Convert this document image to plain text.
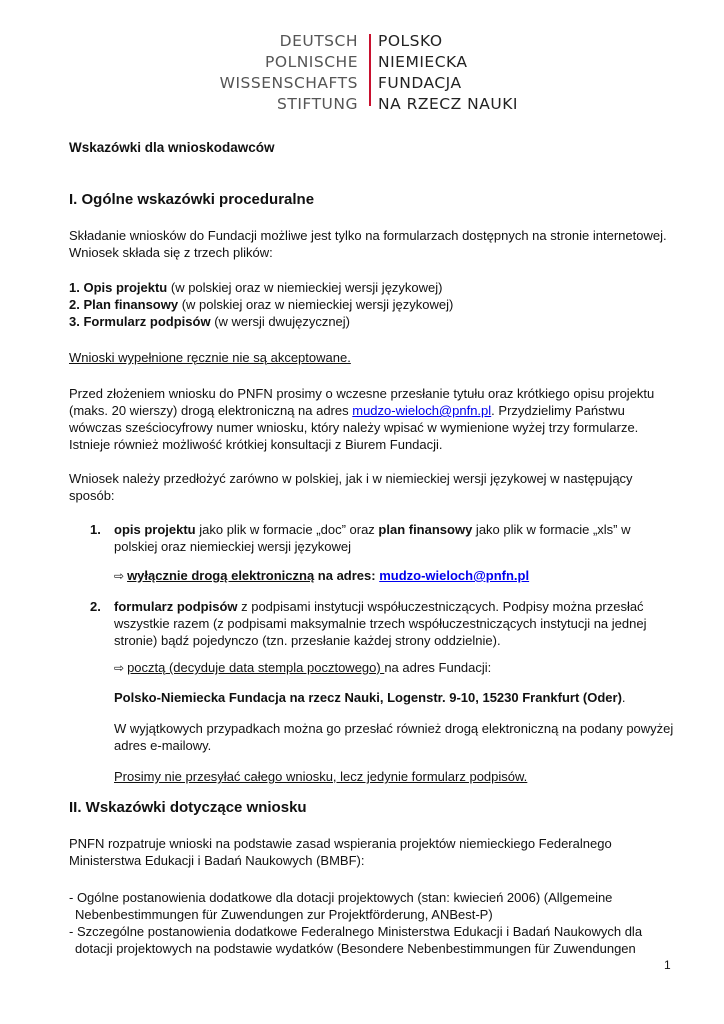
DEUTSCH
POLNISCHE
WISSENSCHAFTS
STIFTUNG
POLSKO
NIEMIECKA
FUNDACJA
NA RZECZ NAUKI
Wskazówki dla wnioskodawców
I. Ogólne wskazówki proceduralne
Składanie wniosków do Fundacji możliwe jest tylko na formularzach dostępnych na stronie internetowej. Wniosek składa się z trzech plików:
1. Opis projektu (w polskiej oraz w niemieckiej wersji językowej)
2. Plan finansowy (w polskiej oraz w niemieckiej wersji językowej)
3. Formularz podpisów (w wersji dwujęzycznej)
Wnioski wypełnione ręcznie nie są akceptowane.
Przed złożeniem wniosku do PNFN prosimy o wczesne przesłanie tytułu oraz krótkiego opisu projektu (maks. 20 wierszy) drogą elektroniczną na adres mudzo-wieloch@pnfn.pl. Przydzielimy Państwu wówczas sześciocyfrowy numer wniosku, który należy wpisać w wymienione wyżej trzy formularze. Istnieje również możliwość krótkiej konsultacji z Biurem Fundacji.
Wniosek należy przedłożyć zarówno w polskiej, jak i w niemieckiej wersji językowej w następujący sposób:
1.	opis projektu jako plik w formacie „doc” oraz plan finansowy jako plik w formacie „xls” w polskiej oraz niemieckiej wersji językowej
⇨ wyłącznie drogą elektroniczną na adres: mudzo-wieloch@pnfn.pl
2.	formularz podpisów z podpisami instytucji współuczestniczących. Podpisy można przesłać wszystkie razem (z podpisami maksymalnie trzech współuczestniczących instytucji na jednej stronie) bądź pojedynczo (tzn. przesłanie każdej strony oddzielnie).
⇨ pocztą (decyduje data stempla pocztowego) na adres Fundacji:
Polsko-Niemiecka Fundacja na rzecz Nauki, Logenstr. 9-10, 15230 Frankfurt (Oder).
W wyjątkowych przypadkach można go przesłać również drogą elektroniczną na podany powyżej adres e-mailowy.
Prosimy nie przesyłać całego wniosku, lecz jedynie formularz podpisów.
II. Wskazówki dotyczące wniosku
PNFN rozpatruje wnioski na podstawie zasad wspierania projektów niemieckiego Federalnego Ministerstwa Edukacji i Badań Naukowych (BMBF):
- Ogólne postanowienia dodatkowe dla dotacji projektowych (stan: kwiecień 2006) (Allgemeine Nebenbestimmungen für Zuwendungen zur Projektförderung, ANBest-P)
- Szczególne postanowienia dodatkowe Federalnego Ministerstwa Edukacji i Badań Naukowych dla dotacji projektowych na podstawie wydatków (Besondere Nebenbestimmungen für Zuwendungen
1
